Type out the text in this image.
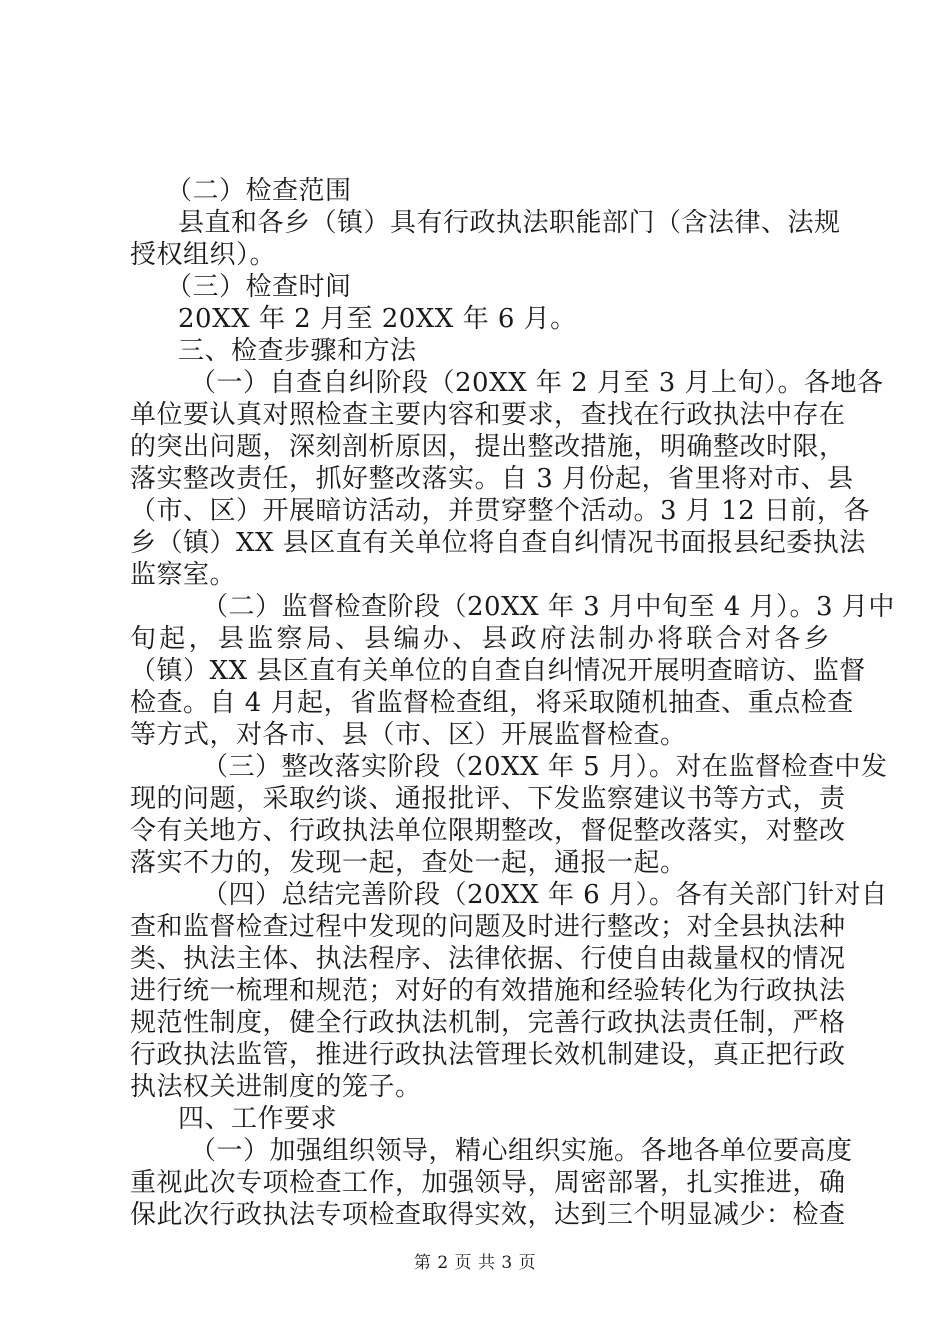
（二）检查范围
县直和各乡（镇）具有行政执法职能部门（含法律、法规
授权组织）。
（三）检查时间
20XX 年 2 月至 20XX 年 6 月。
三、检查步骤和方法
（一）自查自纠阶段（20XX 年 2 月至 3 月上旬）。各地各
单位要认真对照检查主要内容和要求，查找在行政执法中存在
的突出问题，深刻剖析原因，提出整改措施，明确整改时限，
落实整改责任，抓好整改落实。自 3 月份起，省里将对市、县
（市、区）开展暗访活动，并贯穿整个活动。3 月 12 日前，各
乡（镇）XX 县区直有关单位将自查自纠情况书面报县纪委执法
监察室。
（二）监督检查阶段（20XX 年 3 月中旬至 4 月）。3 月中
旬起，县监察局、县编办、县政府法制办将联合对各乡
（镇）XX 县区直有关单位的自查自纠情况开展明查暗访、监督
检查。自 4 月起，省监督检查组，将采取随机抽查、重点检查
等方式，对各市、县（市、区）开展监督检查。
（三）整改落实阶段（20XX 年 5 月）。对在监督检查中发
现的问题，采取约谈、通报批评、下发监察建议书等方式，责
令有关地方、行政执法单位限期整改，督促整改落实，对整改
落实不力的，发现一起，查处一起，通报一起。
（四）总结完善阶段（20XX 年 6 月）。各有关部门针对自
查和监督检查过程中发现的问题及时进行整改；对全县执法种
类、执法主体、执法程序、法律依据、行使自由裁量权的情况
进行统一梳理和规范；对好的有效措施和经验转化为行政执法
规范性制度，健全行政执法机制，完善行政执法责任制，严格
行政执法监管，推进行政执法管理长效机制建设，真正把行政
执法权关进制度的笼子。
四、工作要求
（一）加强组织领导，精心组织实施。各地各单位要高度
重视此次专项检查工作，加强领导，周密部署，扎实推进，确
保此次行政执法专项检查取得实效，达到三个明显减少：检查
第 2 页 共 3 页
